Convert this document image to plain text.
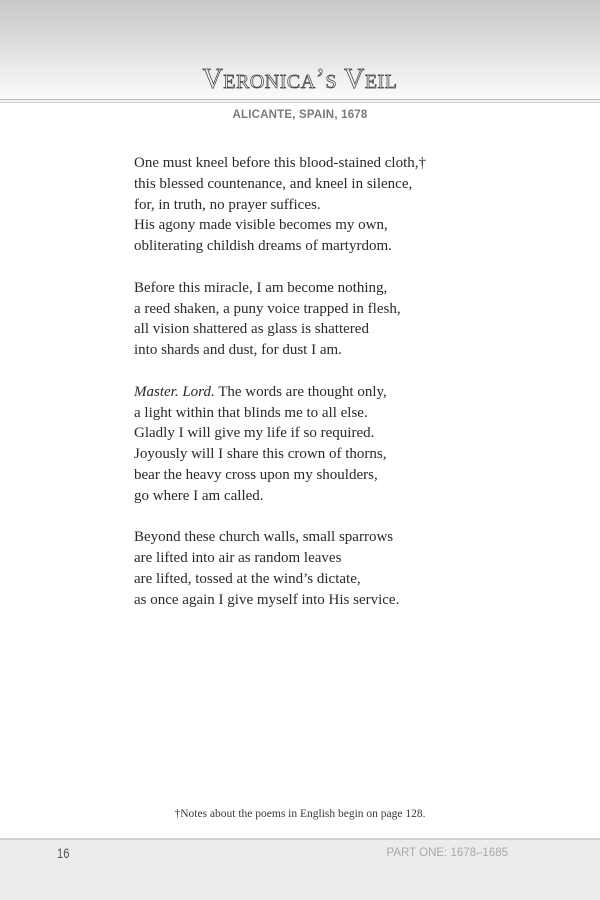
Veronica’s Veil
ALICANTE, SPAIN, 1678
One must kneel before this blood-stained cloth,†
this blessed countenance, and kneel in silence,
for, in truth, no prayer suffices.
His agony made visible becomes my own,
obliterating childish dreams of martyrdom.
Before this miracle, I am become nothing,
a reed shaken, a puny voice trapped in flesh,
all vision shattered as glass is shattered
into shards and dust, for dust I am.
Master. Lord. The words are thought only,
a light within that blinds me to all else.
Gladly I will give my life if so required.
Joyously will I share this crown of thorns,
bear the heavy cross upon my shoulders,
go where I am called.
Beyond these church walls, small sparrows
are lifted into air as random leaves
are lifted, tossed at the wind’s dictate,
as once again I give myself into His service.
†Notes about the poems in English begin on page 128.
16	PART ONE: 1678–1685
